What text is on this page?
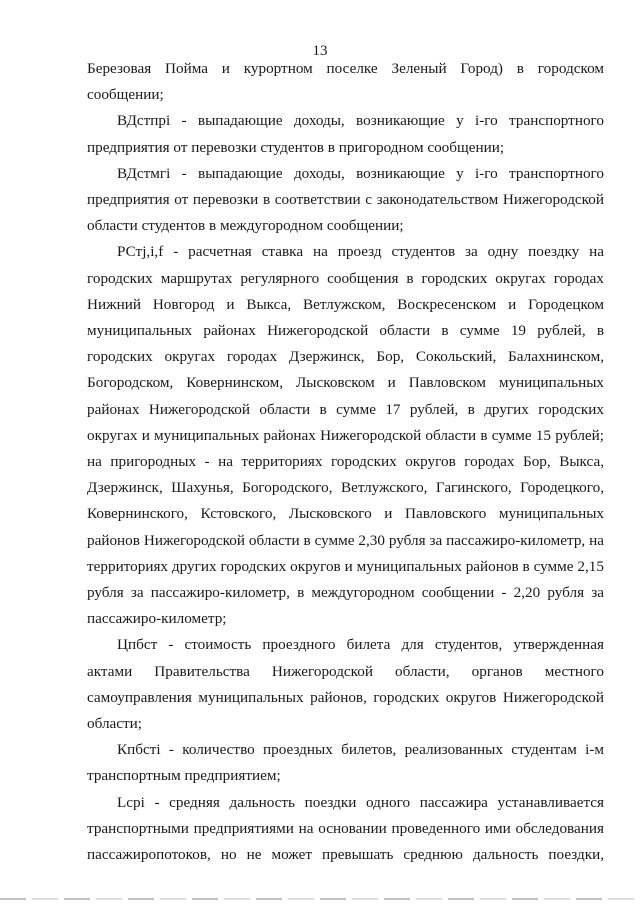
13
Березовая Пойма и курортном поселке Зеленый Город) в городском
сообщении;
ВДстпрі - выпадающие доходы, возникающие у і-го транспортного
предприятия от перевозки студентов в пригородном сообщении;
ВДстмгі - выпадающие доходы, возникающие у і-го транспортного
предприятия от перевозки в соответствии с законодательством Нижегородской
области студентов в междугородном сообщении;
РСтj,i,f - расчетная ставка на проезд студентов за одну поездку на
городских маршрутах регулярного сообщения в городских округах городах
Нижний Новгород и Выкса, Ветлужском, Воскресенском и Городецком
муниципальных районах Нижегородской области в сумме 19 рублей, в
городских округах городах Дзержинск, Бор, Сокольский, Балахнинском,
Богородском, Ковернинском, Лысковском и Павловском муниципальных
районах Нижегородской области в сумме 17 рублей, в других городских
округах и муниципальных районах Нижегородской области в сумме 15 рублей;
на пригородных - на территориях городских округов городах Бор, Выкса,
Дзержинск, Шахунья, Богородского, Ветлужского, Гагинского, Городецкого,
Ковернинского, Кстовского, Лысковского и Павловского муниципальных
районов Нижегородской области в сумме 2,30 рубля за пассажиро-километр, на
территориях других городских округов и муниципальных районов в сумме 2,15
рубля за пассажиро-километр, в междугородном сообщении - 2,20 рубля за
пассажиро-километр;
Цпбст - стоимость проездного билета для студентов, утвержденная
актами Правительства Нижегородской области, органов местного
самоуправления муниципальных районов, городских округов Нижегородской
области;
Кпбсті - количество проездных билетов, реализованных студентам і-м
транспортным предприятием;
Lсрі - средняя дальность поездки одного пассажира устанавливается
транспортными предприятиями на основании проведенного ими обследования
пассажиропотоков, но не может превышать среднюю дальность поездки,
